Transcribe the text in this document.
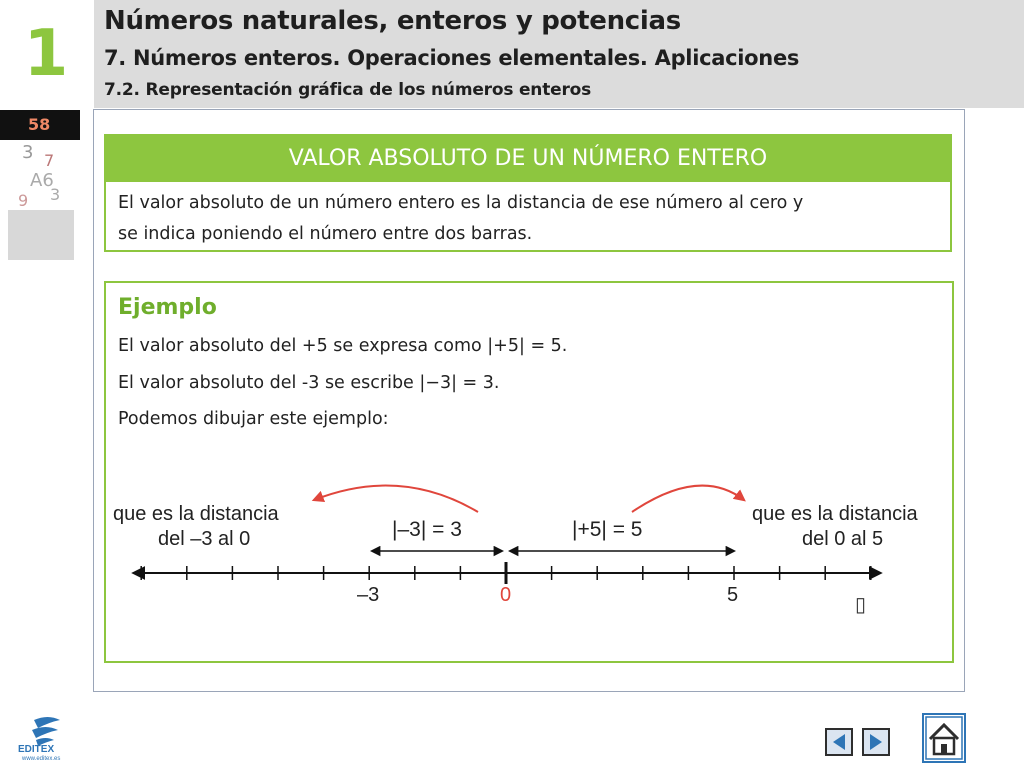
1	Números naturales, enteros y potencias
7. Números enteros. Operaciones elementales. Aplicaciones
7.2. Representación gráfica de los números enteros
58
3 7
A6
9 3
VALOR ABSOLUTO DE UN NÚMERO ENTERO
El valor absoluto de un número entero es la distancia de ese número al cero y
se indica poniendo el número entre dos barras.
Ejemplo
El valor absoluto del +5 se expresa como |+5| = 5.
El valor absoluto del -3 se escribe |−3| = 3.
Podemos dibujar este ejemplo:
que es la distancia
del –3 al 0
que es la distancia
del 0 al 5
|–3| = 3	|+5| = 5
–3	0	5	▯
EDITEX
www.editex.es
